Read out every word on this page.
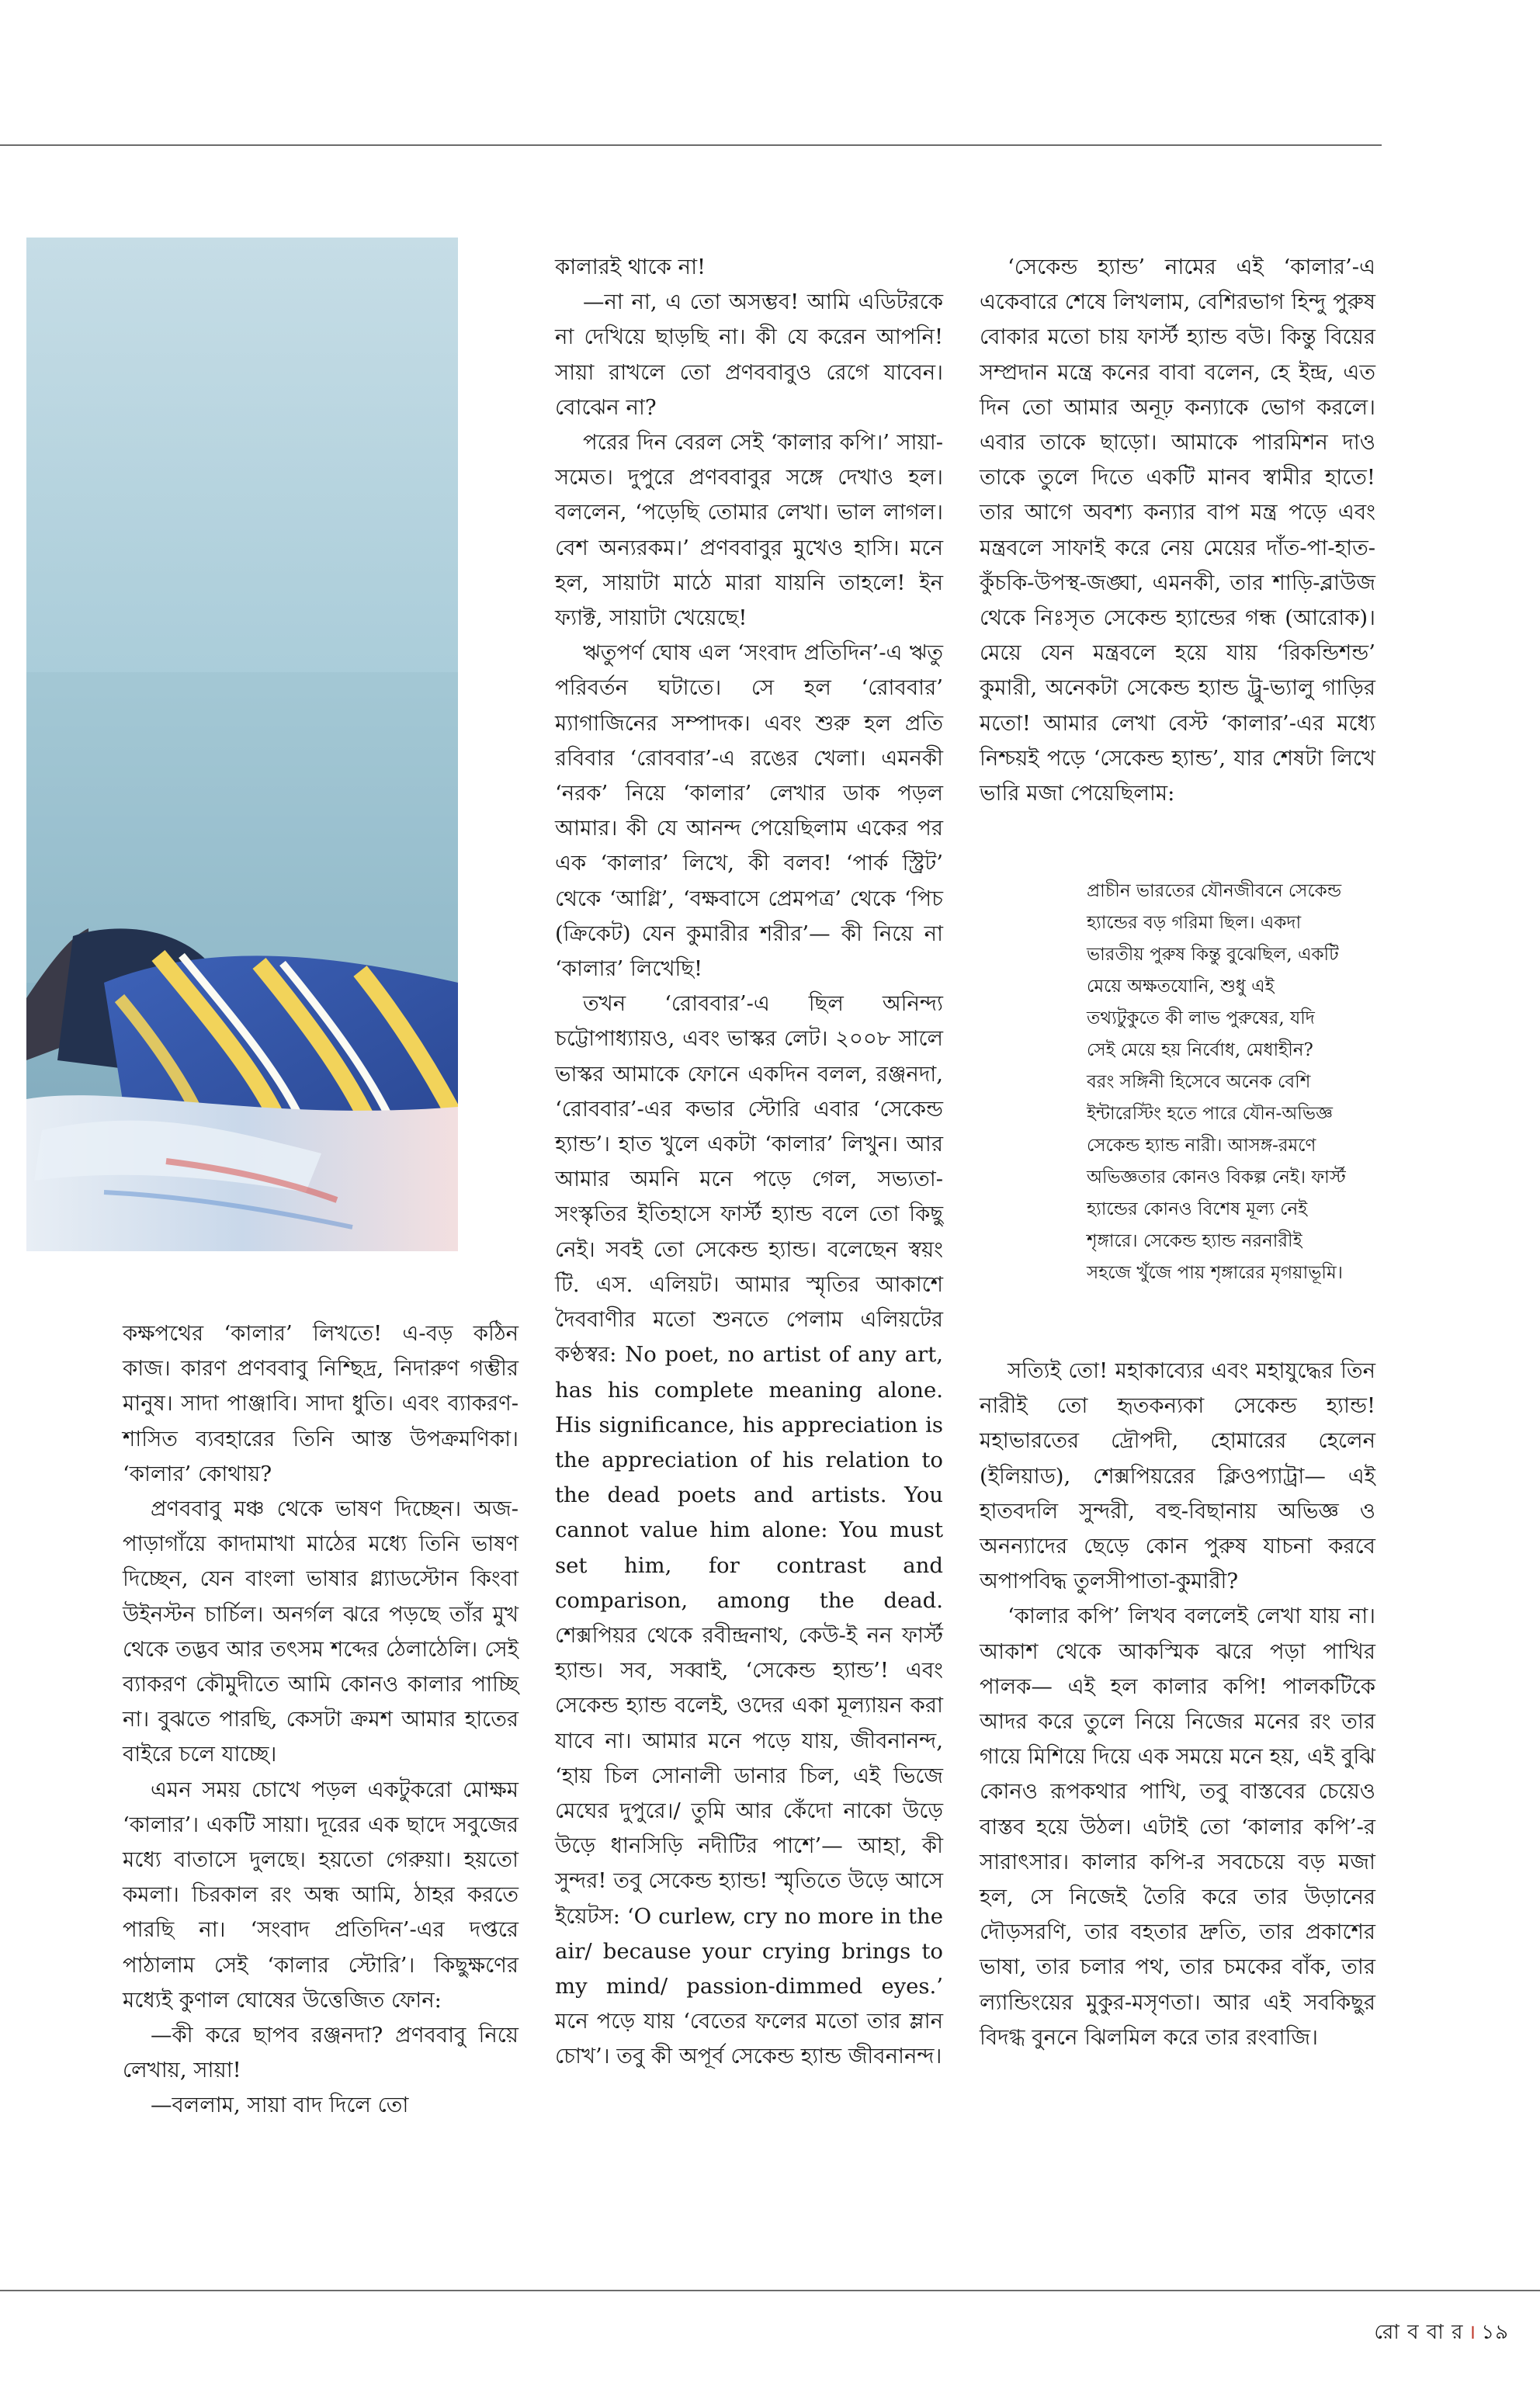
কক্ষপথের ‘কালার’ লিখতে! এ-বড় কঠিন কাজ। কারণ প্রণববাবু নিশ্ছিদ্র, নিদারুণ গম্ভীর মানুষ। সাদা পাঞ্জাবি। সাদা ধুতি। এবং ব্যাকরণ-শাসিত ব্যবহারের তিনি আস্ত উপক্রমণিকা। ‘কালার’ কোথায়?

প্রণববাবু মঞ্চ থেকে ভাষণ দিচ্ছেন। অজ-পাড়াগাঁয়ে কাদামাখা মাঠের মধ্যে তিনি ভাষণ দিচ্ছেন, যেন বাংলা ভাষার গ্ল্যাডস্টোন কিংবা উইনস্টন চার্চিল। অনর্গল ঝরে পড়ছে তাঁর মুখ থেকে তদ্ভব আর তৎসম শব্দের ঠেলাঠেলি। সেই ব্যাকরণ কৌমুদীতে আমি কোনও কালার পাচ্ছি না। বুঝতে পারছি, কেসটা ক্রমশ আমার হাতের বাইরে চলে যাচ্ছে।

এমন সময় চোখে পড়ল একটুকরো মোক্ষম ‘কালার’। একটি সায়া। দূরের এক ছাদে সবুজের মধ্যে বাতাসে দুলছে। হয়তো গেরুয়া। হয়তো কমলা। চিরকাল রং অন্ধ আমি, ঠাহর করতে পারছি না। ‘সংবাদ প্রতিদিন’-এর দপ্তরে পাঠালাম সেই ‘কালার স্টোরি’। কিছুক্ষণের মধ্যেই কুণাল ঘোষের উত্তেজিত ফোন:

—কী করে ছাপব রঞ্জনদা? প্রণববাবু নিয়ে লেখায়, সায়া!

—বললাম, সায়া বাদ দিলে তো

কালারই থাকে না!

—না না, এ তো অসম্ভব! আমি এডিটরকে না দেখিয়ে ছাড়ছি না। কী যে করেন আপনি! সায়া রাখলে তো প্রণববাবুও রেগে যাবেন। বোঝেন না?

পরের দিন বেরল সেই ‘কালার কপি।’ সায়া-সমেত। দুপুরে প্রণববাবুর সঙ্গে দেখাও হল। বললেন, ‘পড়েছি তোমার লেখা। ভাল লাগল। বেশ অন্যরকম।’ প্রণববাবুর মুখেও হাসি। মনে হল, সায়াটা মাঠে মারা যায়নি তাহলে! ইন ফ্যাক্ট, সায়াটা খেয়েছে!

ঋতুপর্ণ ঘোষ এল ‘সংবাদ প্রতিদিন’-এ ঋতু পরিবর্তন ঘটাতে। সে হল ‘রোববার’ ম্যাগাজিনের সম্পাদক। এবং শুরু হল প্রতি রবিবার ‘রোববার’-এ রঙের খেলা। এমনকী ‘নরক’ নিয়ে ‘কালার’ লেখার ডাক পড়ল আমার। কী যে আনন্দ পেয়েছিলাম একের পর এক ‘কালার’ লিখে, কী বলব! ‘পার্ক স্ট্রিট’ থেকে ‘আগ্লি’, ‘বক্ষবাসে প্রেমপত্র’ থেকে ‘পিচ (ক্রিকেট) যেন কুমারীর শরীর’— কী নিয়ে না ‘কালার’ লিখেছি!

তখন ‘রোববার’-এ ছিল অনিন্দ্য চট্টোপাধ্যায়ও, এবং ভাস্কর লেট। ২০০৮ সালে ভাস্কর আমাকে ফোনে একদিন বলল, রঞ্জনদা, ‘রোববার’-এর কভার স্টোরি এবার ‘সেকেন্ড হ্যান্ড’। হাত খুলে একটা ‘কালার’ লিখুন। আর আমার অমনি মনে পড়ে গেল, সভ্যতা-সংস্কৃতির ইতিহাসে ফার্স্ট হ্যান্ড বলে তো কিছু নেই। সবই তো সেকেন্ড হ্যান্ড। বলেছেন স্বয়ং টি. এস. এলিয়ট। আমার স্মৃতির আকাশে দৈববাণীর মতো শুনতে পেলাম এলিয়টের কণ্ঠস্বর: No poet, no artist of any art, has his complete meaning alone. His significance, his appreciation is the appreciation of his relation to the dead poets and artists. You cannot value him alone: You must set him, for contrast and comparison, among the dead. শেক্সপিয়র থেকে রবীন্দ্রনাথ, কেউ-ই নন ফার্স্ট হ্যান্ড। সব, সব্বাই, ‘সেকেন্ড হ্যান্ড’! এবং সেকেন্ড হ্যান্ড বলেই, ওদের একা মূল্যায়ন করা যাবে না। আমার মনে পড়ে যায়, জীবনানন্দ, ‘হায় চিল সোনালী ডানার চিল, এই ভিজে মেঘের দুপুরে।/ তুমি আর কেঁদো নাকো উড়ে উড়ে ধানসিড়ি নদীটির পাশে’— আহা, কী সুন্দর! তবু সেকেন্ড হ্যান্ড! স্মৃতিতে উড়ে আসে ইয়েটস: ‘O curlew, cry no more in the air/ because your crying brings to my mind/ passion-dimmed eyes.’ মনে পড়ে যায় ‘বেতের ফলের মতো তার ম্লান চোখ’। তবু কী অপূর্ব সেকেন্ড হ্যান্ড জীবনানন্দ।

‘সেকেন্ড হ্যান্ড’ নামের এই ‘কালার’-এ একেবারে শেষে লিখলাম, বেশিরভাগ হিন্দু পুরুষ বোকার মতো চায় ফার্স্ট হ্যান্ড বউ। কিন্তু বিয়ের সম্প্রদান মন্ত্রে কনের বাবা বলেন, হে ইন্দ্র, এত দিন তো আমার অনূঢ় কন্যাকে ভোগ করলে। এবার তাকে ছাড়ো। আমাকে পারমিশন দাও তাকে তুলে দিতে একটি মানব স্বামীর হাতে! তার আগে অবশ্য কন্যার বাপ মন্ত্র পড়ে এবং মন্ত্রবলে সাফাই করে নেয় মেয়ের দাঁত-পা-হাত-কুঁচকি-উপস্থ-জঙ্ঘা, এমনকী, তার শাড়ি-ব্লাউজ থেকে নিঃসৃত সেকেন্ড হ্যান্ডের গন্ধ (আরোক)। মেয়ে যেন মন্ত্রবলে হয়ে যায় ‘রিকন্ডিশন্ড’ কুমারী, অনেকটা সেকেন্ড হ্যান্ড ট্রু-ভ্যালু গাড়ির মতো! আমার লেখা বেস্ট ‘কালার’-এর মধ্যে নিশ্চয়ই পড়ে ‘সেকেন্ড হ্যান্ড’, যার শেষটা লিখে ভারি মজা পেয়েছিলাম:

প্রাচীন ভারতের যৌনজীবনে সেকেন্ড

হ্যান্ডের বড় গরিমা ছিল। একদা

ভারতীয় পুরুষ কিন্তু বুঝেছিল, একটি

মেয়ে অক্ষতযোনি, শুধু এই

তথ্যটুকুতে কী লাভ পুরুষের, যদি

সেই মেয়ে হয় নির্বোধ, মেধাহীন?

বরং সঙ্গিনী হিসেবে অনেক বেশি

ইন্টারেস্টিং হতে পারে যৌন-অভিজ্ঞ

সেকেন্ড হ্যান্ড নারী। আসঙ্গ-রমণে

অভিজ্ঞতার কোনও বিকল্প নেই। ফার্স্ট

হ্যান্ডের কোনও বিশেষ মূল্য নেই

শৃঙ্গারে। সেকেন্ড হ্যান্ড নরনারীই

সহজে খুঁজে পায় শৃঙ্গারের মৃগয়াভূমি।

সত্যিই তো! মহাকাব্যের এবং মহাযুদ্ধের তিন নারীই তো হৃতকন্যকা সেকেন্ড হ্যান্ড! মহাভারতের দ্রৌপদী, হোমারের হেলেন (ইলিয়াড), শেক্সপিয়রের ক্লিওপ্যাট্রা— এই হাতবদলি সুন্দরী, বহু-বিছানায় অভিজ্ঞ ও অনন্যাদের ছেড়ে কোন পুরুষ যাচনা করবে অপাপবিদ্ধ তুলসীপাতা-কুমারী?

‘কালার কপি’ লিখব বললেই লেখা যায় না। আকাশ থেকে আকস্মিক ঝরে পড়া পাখির পালক— এই হল কালার কপি! পালকটিকে আদর করে তুলে নিয়ে নিজের মনের রং তার গায়ে মিশিয়ে দিয়ে এক সময়ে মনে হয়, এই বুঝি কোনও রূপকথার পাখি, তবু বাস্তবের চেয়েও বাস্তব হয়ে উঠল। এটাই তো ‘কালার কপি’-র সারাৎসার। কালার কপি-র সবচেয়ে বড় মজা হল, সে নিজেই তৈরি করে তার উড়ানের দৌড়সরণি, তার বহতার দ্রুতি, তার প্রকাশের ভাষা, তার চলার পথ, তার চমকের বাঁক, তার ল্যান্ডিংয়ের মুকুর-মসৃণতা। আর এই সবকিছুর বিদগ্ধ বুননে ঝিলমিল করে তার রংবাজি।

রো ব বা র । ১৯
